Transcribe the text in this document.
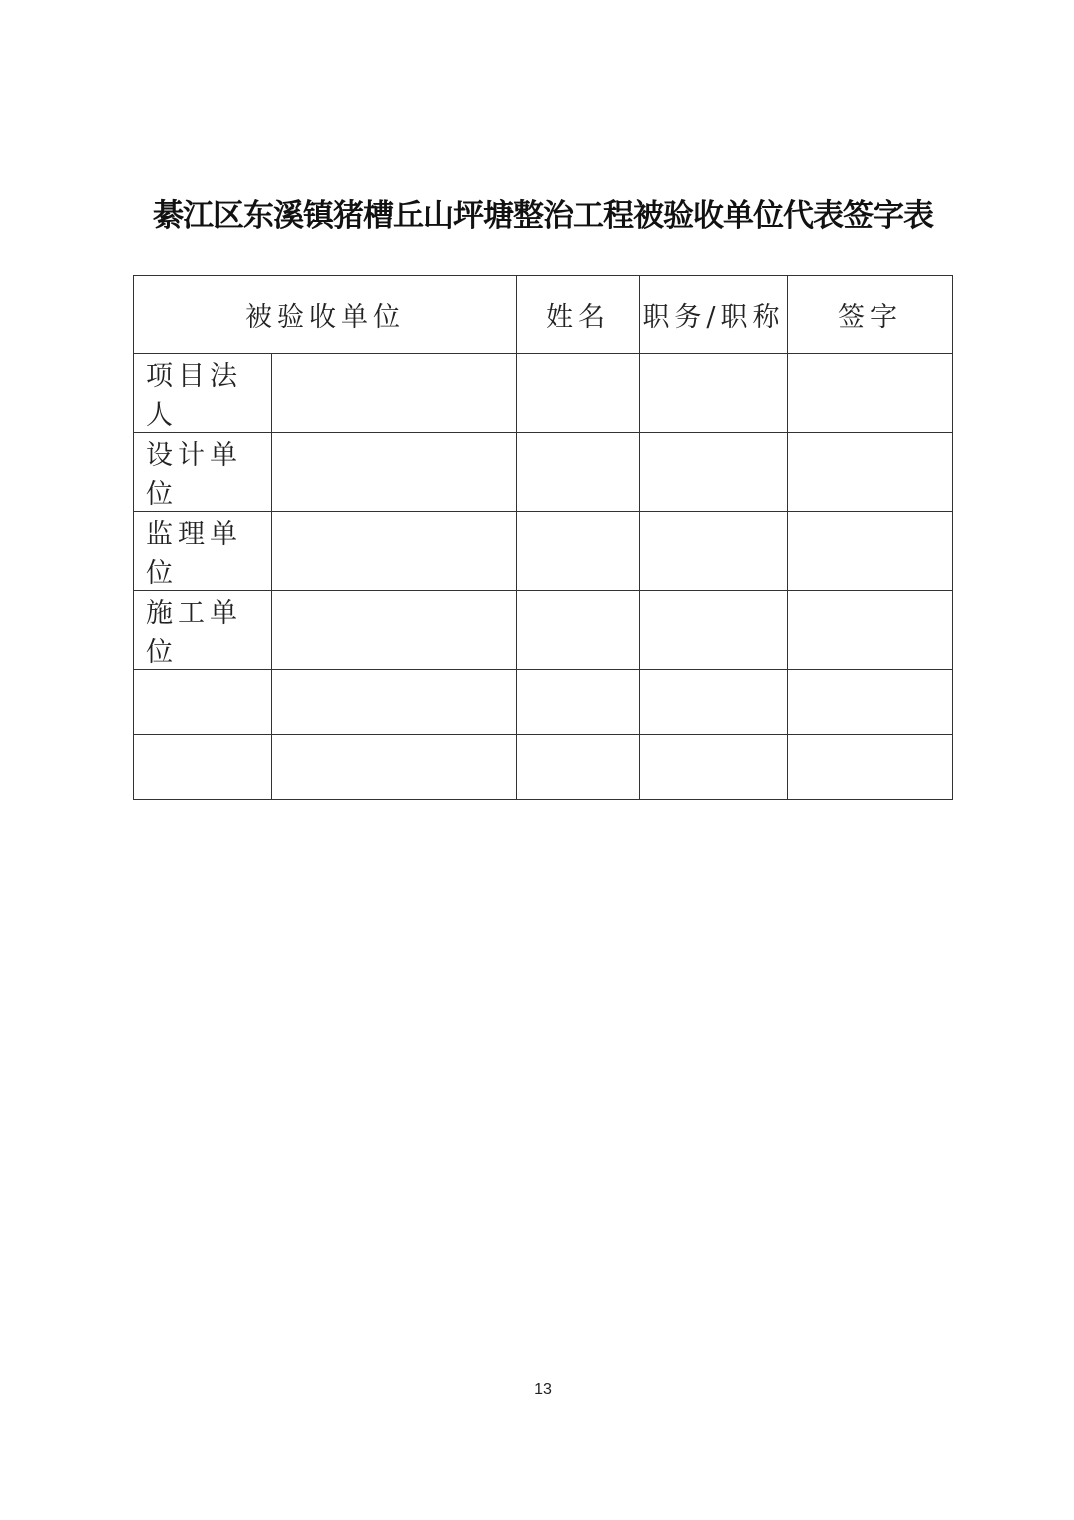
綦江区东溪镇猪槽丘山坪塘整治工程被验收单位代表签字表
被验收单位		姓名	职务/职称	签字
项目法人				
设计单位				
监理单位				
施工单位				

13
